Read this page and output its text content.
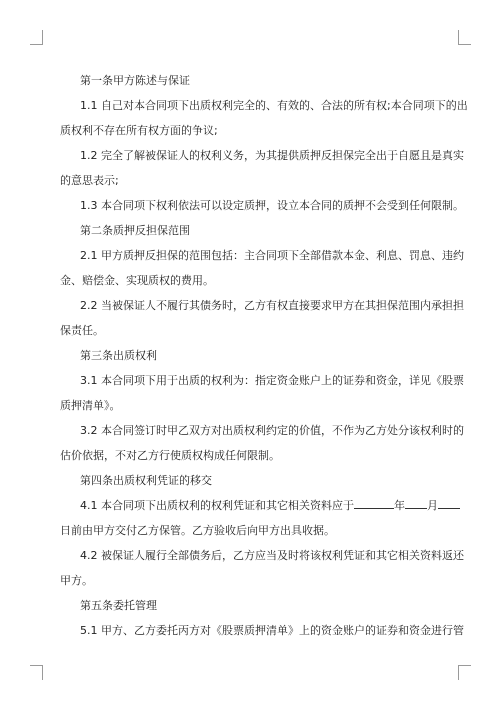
第一条甲方陈述与保证
1.1 自己对本合同项下出质权利完全的、有效的、合法的所有权;本合同项下的出
质权利不存在所有权方面的争议;
1.2 完全了解被保证人的权利义务，为其提供质押反担保完全出于自愿且是真实
的意思表示;
1.3 本合同项下权利依法可以设定质押，设立本合同的质押不会受到任何限制。
第二条质押反担保范围
2.1 甲方质押反担保的范围包括：主合同项下全部借款本金、利息、罚息、违约
金、赔偿金、实现质权的费用。
2.2 当被保证人不履行其债务时，乙方有权直接要求甲方在其担保范围内承担担
保责任。
第三条出质权利
3.1 本合同项下用于出质的权利为：指定资金账户上的证券和资金，详见《股票
质押清单》。
3.2 本合同签订时甲乙双方对出质权利约定的价值，不作为乙方处分该权利时的
估价依据，不对乙方行使质权构成任何限制。
第四条出质权利凭证的移交
4.1 本合同项下出质权利的权利凭证和其它相关资料应于	年 月
日前由甲方交付乙方保管。乙方验收后向甲方出具收据。
4.2 被保证人履行全部债务后，乙方应当及时将该权利凭证和其它相关资料返还
甲方。
第五条委托管理
5.1 甲方、乙方委托丙方对《股票质押清单》上的资金账户的证券和资金进行管
